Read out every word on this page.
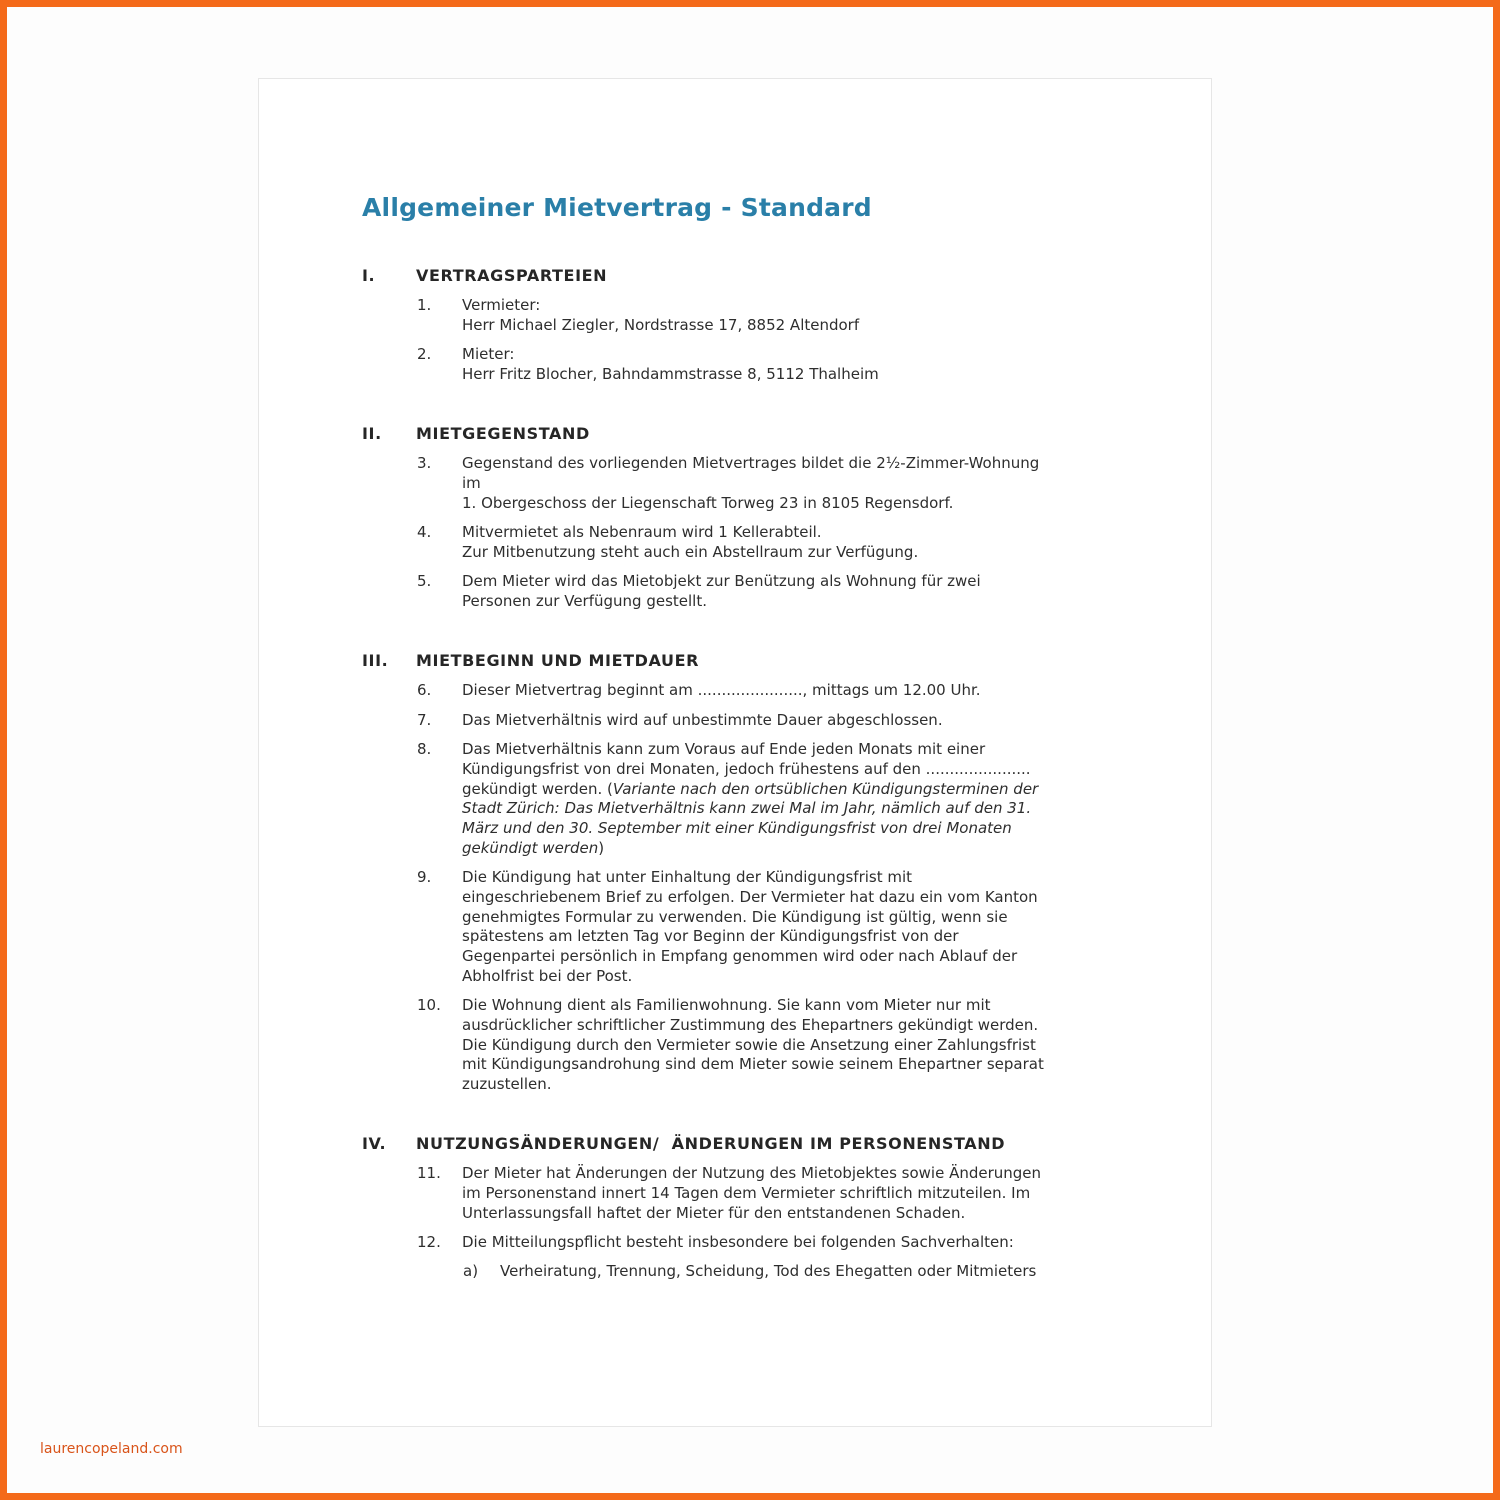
Allgemeiner Mietvertrag - Standard
I.	VERTRAGSPARTEIEN
1. Vermieter:
Herr Michael Ziegler, Nordstrasse 17, 8852 Altendorf
2. Mieter:
Herr Fritz Blocher, Bahndammstrasse 8, 5112 Thalheim
II. MIETGEGENSTAND
3. Gegenstand des vorliegenden Mietvertrages bildet die 2½-Zimmer-Wohnung
im
1. Obergeschoss der Liegenschaft Torweg 23 in 8105 Regensdorf.
4. Mitvermietet als Nebenraum wird 1 Kellerabteil.
Zur Mitbenutzung steht auch ein Abstellraum zur Verfügung.
5. Dem Mieter wird das Mietobjekt zur Benützung als Wohnung für zwei
Personen zur Verfügung gestellt.
III. MIETBEGINN UND MIETDAUER
6. Dieser Mietvertrag beginnt am ......................, mittags um 12.00 Uhr.
7. Das Mietverhältnis wird auf unbestimmte Dauer abgeschlossen.
8. Das Mietverhältnis kann zum Voraus auf Ende jeden Monats mit einer
Kündigungsfrist von drei Monaten, jedoch frühestens auf den ......................
gekündigt werden. (Variante nach den ortsüblichen Kündigungsterminen der
Stadt Zürich: Das Mietverhältnis kann zwei Mal im Jahr, nämlich auf den 31.
März und den 30. September mit einer Kündigungsfrist von drei Monaten
gekündigt werden)
9. Die Kündigung hat unter Einhaltung der Kündigungsfrist mit
eingeschriebenem Brief zu erfolgen. Der Vermieter hat dazu ein vom Kanton
genehmigtes Formular zu verwenden. Die Kündigung ist gültig, wenn sie
spätestens am letzten Tag vor Beginn der Kündigungsfrist von der
Gegenpartei persönlich in Empfang genommen wird oder nach Ablauf der
Abholfrist bei der Post.
10. Die Wohnung dient als Familienwohnung. Sie kann vom Mieter nur mit
ausdrücklicher schriftlicher Zustimmung des Ehepartners gekündigt werden.
Die Kündigung durch den Vermieter sowie die Ansetzung einer Zahlungsfrist
mit Kündigungsandrohung sind dem Mieter sowie seinem Ehepartner separat
zuzustellen.
IV. NUTZUNGSÄNDERUNGEN/  ÄNDERUNGEN IM PERSONENSTAND
11. Der Mieter hat Änderungen der Nutzung des Mietobjektes sowie Änderungen
im Personenstand innert 14 Tagen dem Vermieter schriftlich mitzuteilen. Im
Unterlassungsfall haftet der Mieter für den entstandenen Schaden.
12. Die Mitteilungspflicht besteht insbesondere bei folgenden Sachverhalten:
a) Verheiratung, Trennung, Scheidung, Tod des Ehegatten oder Mitmieters
laurencopeland.com
